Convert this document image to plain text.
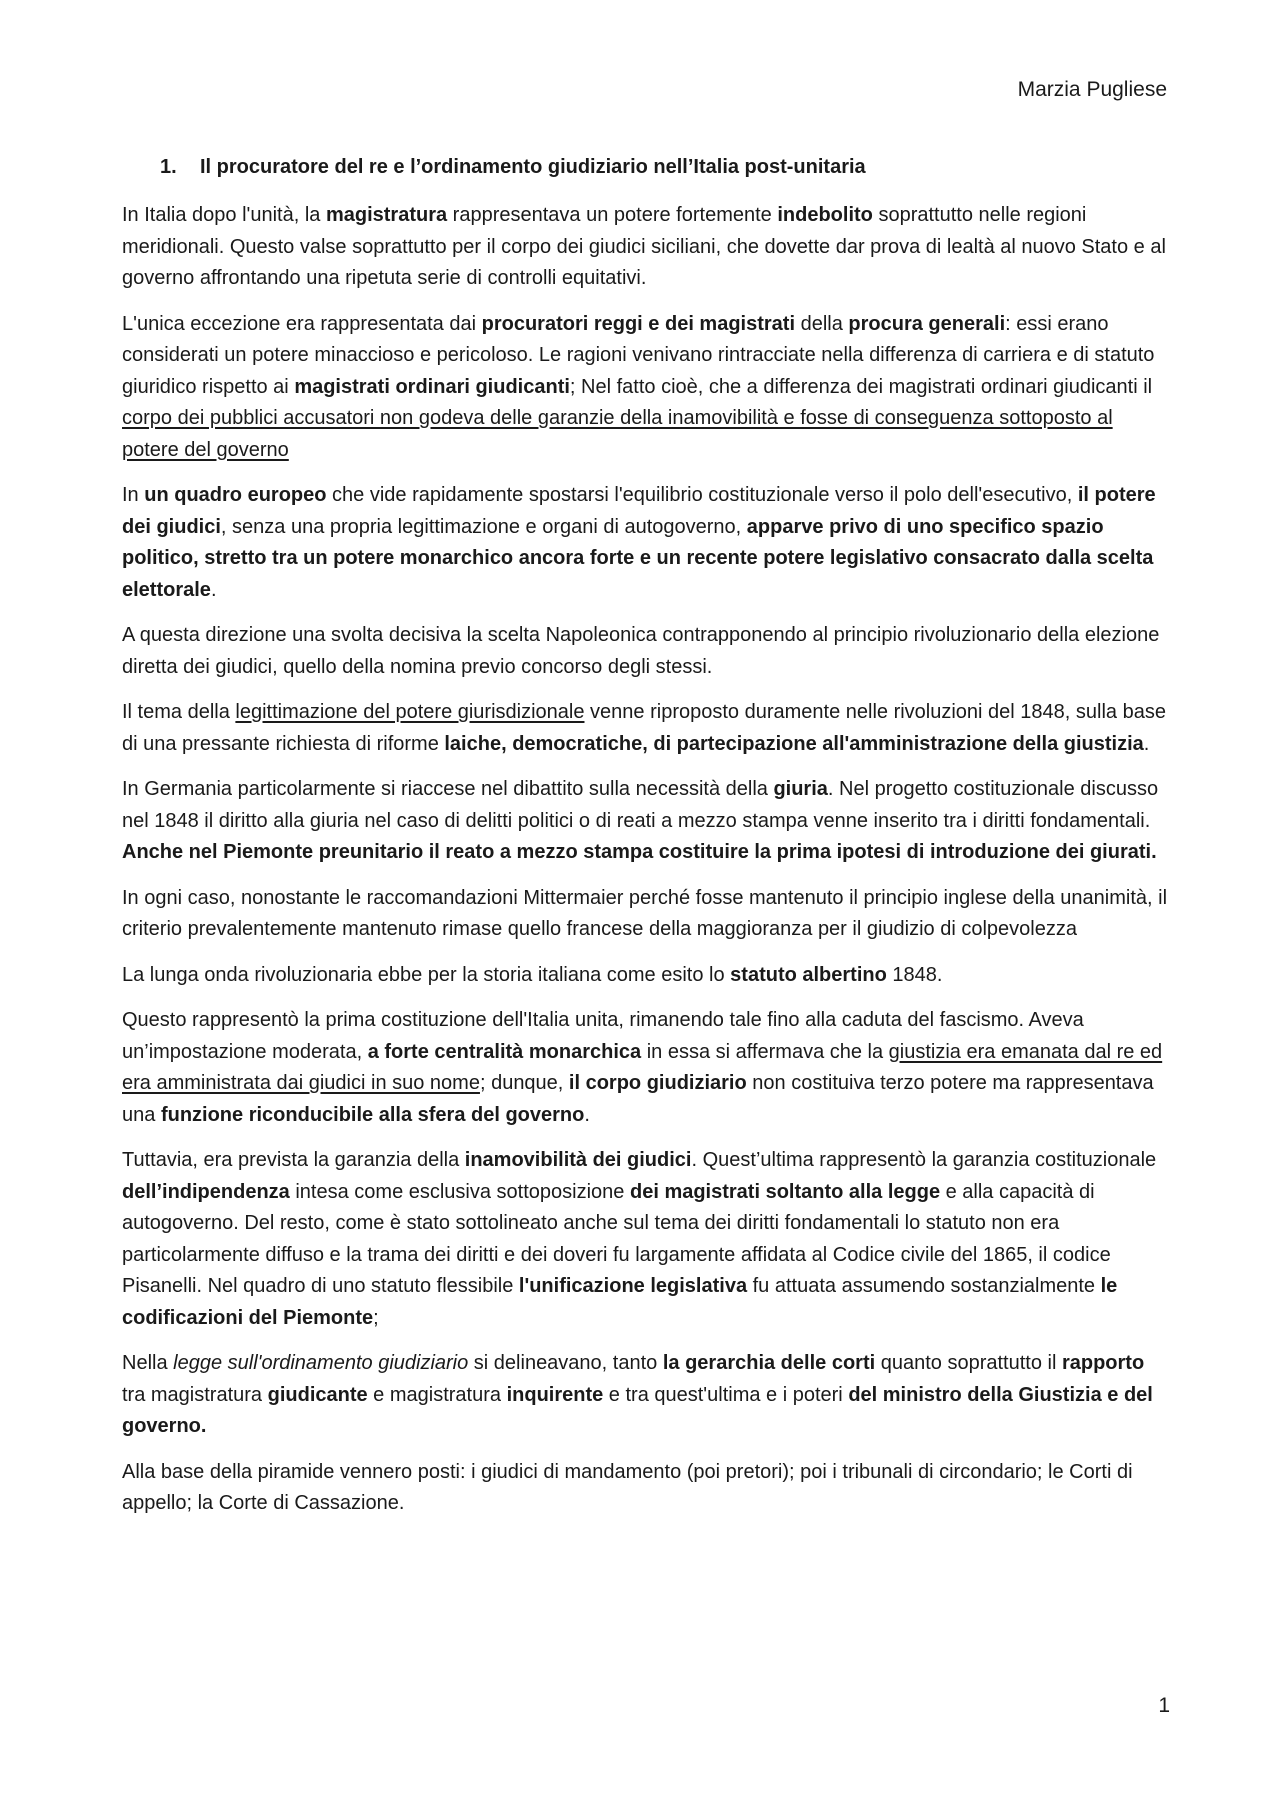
Marzia Pugliese
1. Il procuratore del re e l’ordinamento giudiziario nell’Italia post-unitaria

In Italia dopo l'unità, la magistratura rappresentava un potere fortemente indebolito soprattutto nelle regioni meridionali. Questo valse soprattutto per il corpo dei giudici siciliani, che dovette dar prova di lealtà al nuovo Stato e al governo affrontando una ripetuta serie di controlli equitativi.

L'unica eccezione era rappresentata dai procuratori reggi e dei magistrati della procura generali: essi erano considerati un potere minaccioso e pericoloso. Le ragioni venivano rintracciate nella differenza di carriera e di statuto giuridico rispetto ai magistrati ordinari giudicanti; Nel fatto cioè, che a differenza dei magistrati ordinari giudicanti il corpo dei pubblici accusatori non godeva delle garanzie della inamovibilità e fosse di conseguenza sottoposto al potere del governo

In un quadro europeo che vide rapidamente spostarsi l'equilibrio costituzionale verso il polo dell'esecutivo, il potere dei giudici, senza una propria legittimazione e organi di autogoverno, apparve privo di uno specifico spazio politico, stretto tra un potere monarchico ancora forte e un recente potere legislativo consacrato dalla scelta elettorale.

A questa direzione una svolta decisiva la scelta Napoleonica contrapponendo al principio rivoluzionario della elezione diretta dei giudici, quello della nomina previo concorso degli stessi.

Il tema della legittimazione del potere giurisdizionale venne riproposto duramente nelle rivoluzioni del 1848, sulla base di una pressante richiesta di riforme laiche, democratiche, di partecipazione all'amministrazione della giustizia.

In Germania particolarmente si riaccese nel dibattito sulla necessità della giuria. Nel progetto costituzionale discusso nel 1848 il diritto alla giuria nel caso di delitti politici o di reati a mezzo stampa venne inserito tra i diritti fondamentali. Anche nel Piemonte preunitario il reato a mezzo stampa costituire la prima ipotesi di introduzione dei giurati.

In ogni caso, nonostante le raccomandazioni Mittermaier perché fosse mantenuto il principio inglese della unanimità, il criterio prevalentemente mantenuto rimase quello francese della maggioranza per il giudizio di colpevolezza

La lunga onda rivoluzionaria ebbe per la storia italiana come esito lo statuto albertino 1848.

Questo rappresentò la prima costituzione dell'Italia unita, rimanendo tale fino alla caduta del fascismo. Aveva un’impostazione moderata, a forte centralità monarchica in essa si affermava che la giustizia era emanata dal re ed era amministrata dai giudici in suo nome; dunque, il corpo giudiziario non costituiva terzo potere ma rappresentava una funzione riconducibile alla sfera del governo.

Tuttavia, era prevista la garanzia della inamovibilità dei giudici. Quest’ultima rappresentò la garanzia costituzionale dell’indipendenza intesa come esclusiva sottoposizione dei magistrati soltanto alla legge e alla capacità di autogoverno. Del resto, come è stato sottolineato anche sul tema dei diritti fondamentali lo statuto non era particolarmente diffuso e la trama dei diritti e dei doveri fu largamente affidata al Codice civile del 1865, il codice Pisanelli. Nel quadro di uno statuto flessibile l'unificazione legislativa fu attuata assumendo sostanzialmente le codificazioni del Piemonte;

Nella legge sull'ordinamento giudiziario si delineavano, tanto la gerarchia delle corti quanto soprattutto il rapporto tra magistratura giudicante e magistratura inquirente e tra quest'ultima e i poteri del ministro della Giustizia e del governo.

Alla base della piramide vennero posti: i giudici di mandamento (poi pretori); poi i tribunali di circondario; le Corti di appello; la Corte di Cassazione.

1
